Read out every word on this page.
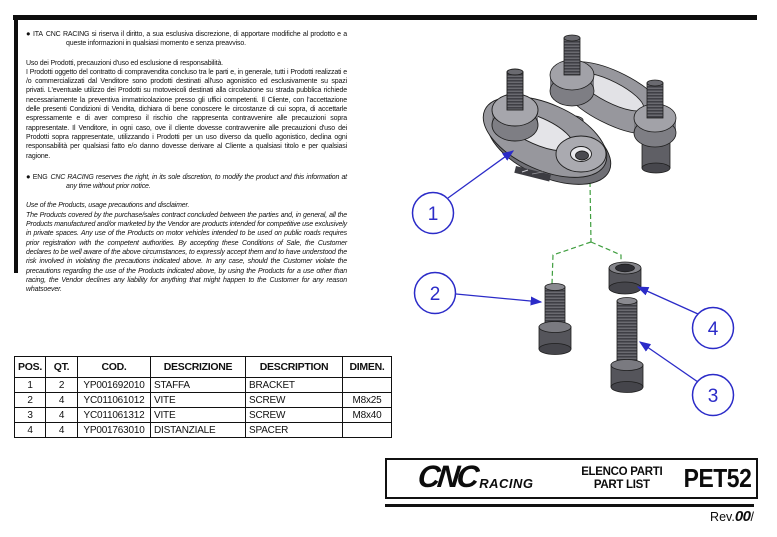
● ITA CNC RACING si riserva il diritto, a sua esclusiva discrezione, di apportare modifiche al prodotto e a queste informazioni in qualsiasi momento e senza preavviso.

Uso dei Prodotti, precauzioni d'uso ed esclusione di responsabilità.

I Prodotti oggetto del contratto di compravendita concluso tra le parti e, in generale, tutti i Prodotti realizzati e /o commercializzati dal Venditore sono prodotti destinati all'uso agonistico ed esclusivamente su spazi privati. L'eventuale utilizzo dei Prodotti su motoveicoli destinati alla circolazione su strada pubblica richiede necessariamente la preventiva immatricolazione presso gli uffici competenti. Il Cliente, con l'accettazione delle presenti Condizioni di Vendita, dichiara di bene conoscere le circostanze di cui sopra, di accettarle espressamente e di aver compreso il rischio che rappresenta contravvenire alle precauzioni sopra rappresentate. Il Venditore, in ogni caso, ove il cliente dovesse contravvenire alle precauzioni d'uso dei Prodotti sopra rappresentate, utilizzando i Prodotti per un uso diverso da quello agonistico, declina ogni responsabilità per qualsiasi fatto e/o danno dovesse derivare al Cliente a qualsiasi titolo e per qualsiasi ragione.

● ENG CNC RACING reserves the right, in its sole discretion, to modify the product and this information at any time without prior notice.

Use of the Products, usage precautions and disclaimer.

The Products covered by the purchase/sales contract concluded between the parties and, in general, all the Products manufactured and/or marketed by the Vendor are products intended for competitive use exclusively in private spaces. Any use of the Products on motor vehicles intended to be used on public roads requires prior registration with the competent authorities. By accepting these Conditions of Sale, the Customer declares to be well aware of the above circumstances, to expressly accept them and to have understood the risk involved in violating the precautions indicated above. In any case, should the Customer violate the precautions regarding the use of the Products indicated above, by using the Products for a use other than racing, the Vendor declines any liability for anything that might happen to the Customer for any reason whatsoever.

1
2
4
3
POS.	QT.	COD.	DESCRIZIONE	DESCRIPTION	DIMEN.
1	2	YP001692010	STAFFA	BRACKET	
2	4	YC011061012	VITE	SCREW	M8x25
3	4	YC011061312	VITE	SCREW	M8x40
4	4	YP001763010	DISTANZIALE	SPACER	
CNC RACING
ELENCO PARTI
PART LIST	PET52
Rev.00/
